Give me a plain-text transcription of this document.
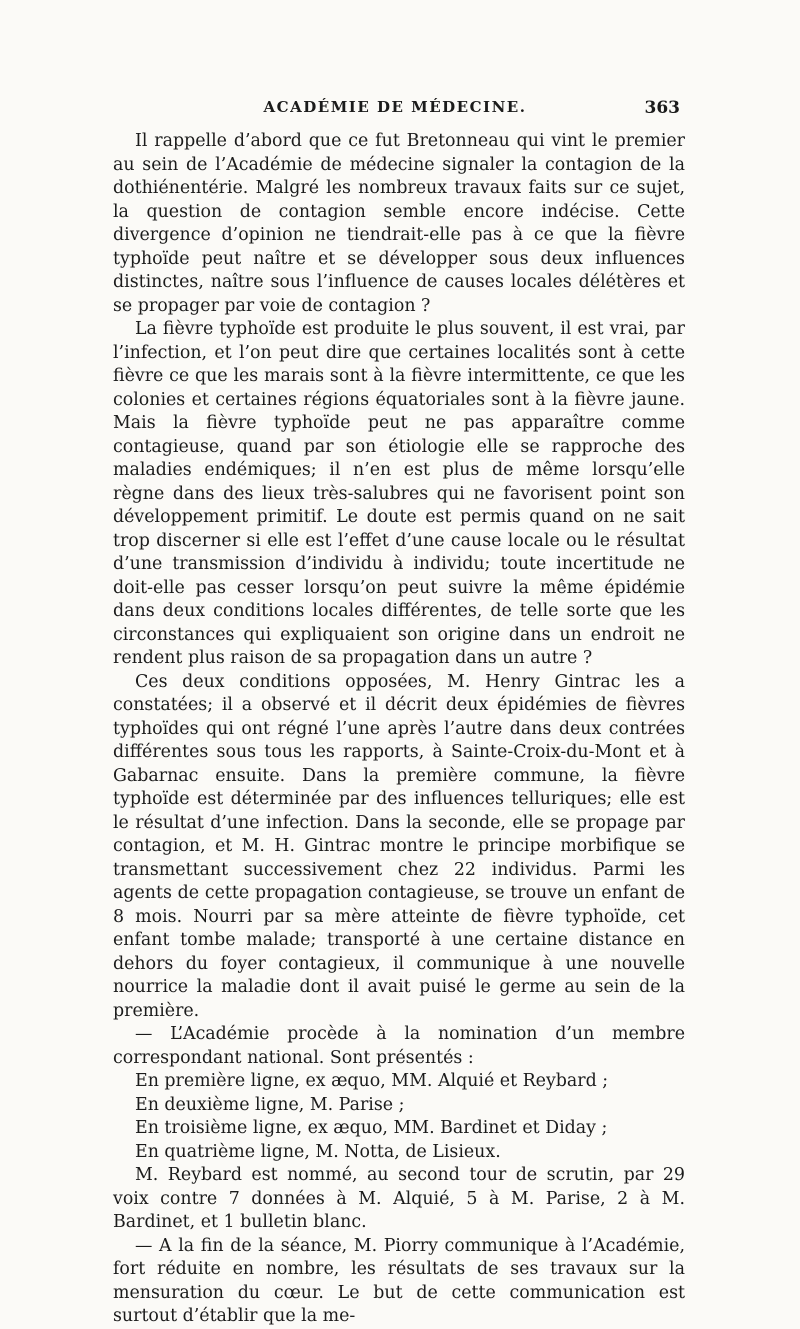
ACADÉMIE DE MÉDECINE.	363

Il rappelle d’abord que ce fut Bretonneau qui vint le premier au sein de l’Académie de médecine signaler la contagion de la dothiénentérie. Malgré les nombreux travaux faits sur ce sujet, la question de contagion semble encore indécise. Cette divergence d’opinion ne tiendrait-elle pas à ce que la fièvre typhoïde peut naître et se développer sous deux influences distinctes, naître sous l’influence de causes locales délétères et se propager par voie de contagion ?

La fièvre typhoïde est produite le plus souvent, il est vrai, par l’infection, et l’on peut dire que certaines localités sont à cette fièvre ce que les marais sont à la fièvre intermittente, ce que les colonies et certaines régions équatoriales sont à la fièvre jaune. Mais la fièvre typhoïde peut ne pas apparaître comme contagieuse, quand par son étiologie elle se rapproche des maladies endémiques; il n’en est plus de même lorsqu’elle règne dans des lieux très-salubres qui ne favorisent point son développement primitif. Le doute est permis quand on ne sait trop discerner si elle est l’effet d’une cause locale ou le résultat d’une transmission d’individu à individu; toute incertitude ne doit-elle pas cesser lorsqu’on peut suivre la même épidémie dans deux conditions locales différentes, de telle sorte que les circonstances qui expliquaient son origine dans un endroit ne rendent plus raison de sa propagation dans un autre ?

Ces deux conditions opposées, M. Henry Gintrac les a constatées; il a observé et il décrit deux épidémies de fièvres typhoïdes qui ont régné l’une après l’autre dans deux contrées différentes sous tous les rapports, à Sainte-Croix-du-Mont et à Gabarnac ensuite. Dans la première commune, la fièvre typhoïde est déterminée par des influences telluriques; elle est le résultat d’une infection. Dans la seconde, elle se propage par contagion, et M. H. Gintrac montre le principe morbifique se transmettant successivement chez 22 individus. Parmi les agents de cette propagation contagieuse, se trouve un enfant de 8 mois. Nourri par sa mère atteinte de fièvre typhoïde, cet enfant tombe malade; transporté à une certaine distance en dehors du foyer contagieux, il communique à une nouvelle nourrice la maladie dont il avait puisé le germe au sein de la première.

— L’Académie procède à la nomination d’un membre correspondant national. Sont présentés :

En première ligne, ex æquo, MM. Alquié et Reybard ;

En deuxième ligne, M. Parise ;

En troisième ligne, ex æquo, MM. Bardinet et Diday ;

En quatrième ligne, M. Notta, de Lisieux.

M. Reybard est nommé, au second tour de scrutin, par 29 voix contre 7 données à M. Alquié, 5 à M. Parise, 2 à M. Bardinet, et 1 bulletin blanc.

— A la fin de la séance, M. Piorry communique à l’Académie, fort réduite en nombre, les résultats de ses travaux sur la mensuration du cœur. Le but de cette communication est surtout d’établir que la me-
